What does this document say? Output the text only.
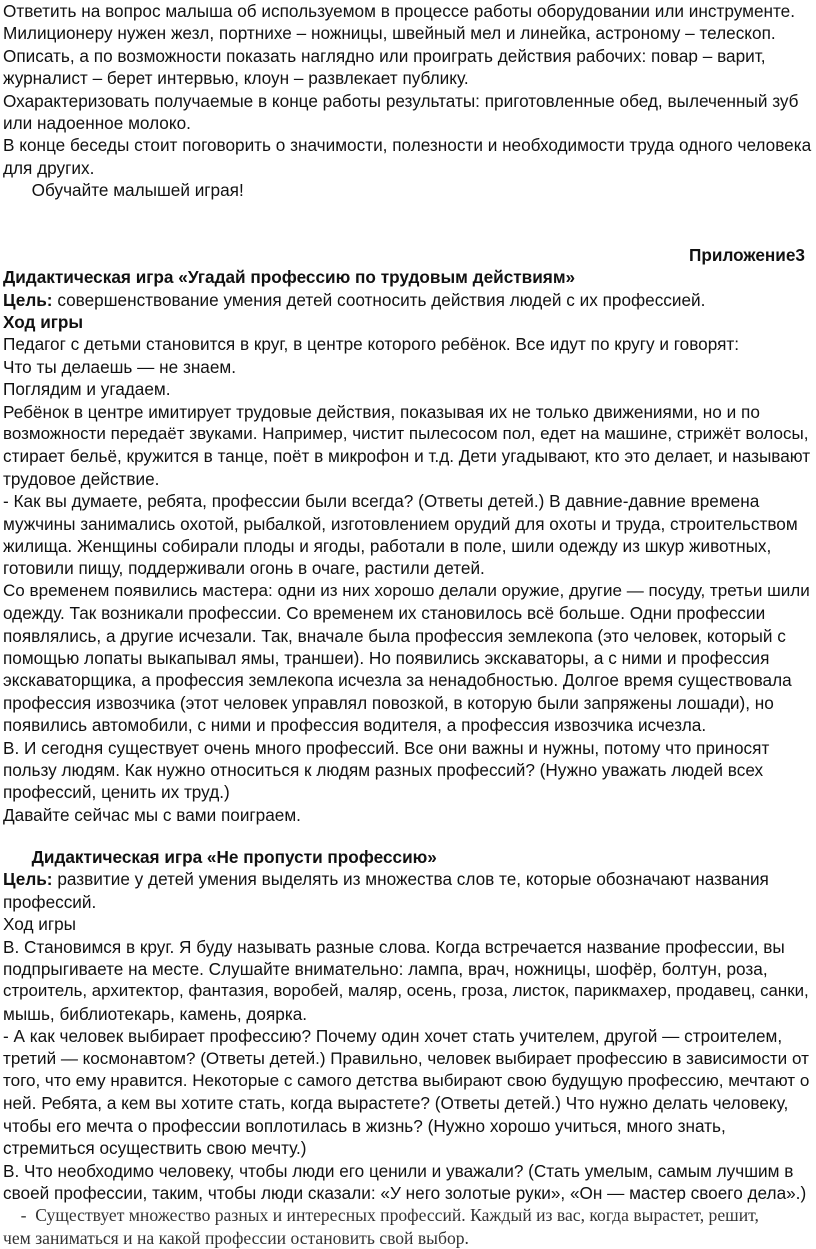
Ответить на вопрос малыша об используемом в процессе работы оборудовании или инструменте.
Милиционеру нужен жезл, портнихе – ножницы, швейный мел и линейка, астроному – телескоп.
Описать, а по возможности показать наглядно или проиграть действия рабочих: повар – варит,
журналист – берет интервью, клоун – развлекает публику.
Охарактеризовать получаемые в конце работы результаты: приготовленные обед, вылеченный зуб
или надоенное молоко.
В конце беседы стоит поговорить о значимости, полезности и необходимости труда одного человека
для других.
Обучайте малышей играя!
Приложение3
Дидактическая игра «Угадай профессию по трудовым действиям»
Цель: совершенствование умения детей соотносить действия людей с их профессией.
Ход игры
Педагог с детьми становится в круг, в центре которого ребёнок. Все идут по кругу и говорят:
Что ты делаешь — не знаем.
Поглядим и угадаем.
Ребёнок в центре имитирует трудовые действия, показывая их не только движениями, но и по
возможности передаёт звуками. Например, чистит пылесосом пол, едет на машине, стрижёт волосы,
стирает бельё, кружится в танце, поёт в микрофон и т.д. Дети угадывают, кто это делает, и называют
трудовое действие.
- Как вы думаете, ребята, профессии были всегда? (Ответы детей.) В давние-давние времена
мужчины занимались охотой, рыбалкой, изготовлением орудий для охоты и труда, строительством
жилища. Женщины собирали плоды и ягоды, работали в поле, шили одежду из шкур животных,
готовили пищу, поддерживали огонь в очаге, растили детей.
Со временем появились мастера: одни из них хорошо делали оружие, другие — посуду, третьи шили
одежду. Так возникали профессии. Со временем их становилось всё больше. Одни профессии
появлялись, а другие исчезали. Так, вначале была профессия землекопа (это человек, который с
помощью лопаты выкапывал ямы, траншеи). Но появились экскаваторы, а с ними и профессия
экскаваторщика, а профессия землекопа исчезла за ненадобностью. Долгое время существовала
профессия извозчика (этот человек управлял повозкой, в которую были запряжены лошади), но
появились автомобили, с ними и профессия водителя, а профессия извозчика исчезла.
В. И сегодня существует очень много профессий. Все они важны и нужны, потому что приносят
пользу людям. Как нужно относиться к людям разных профессий? (Нужно уважать людей всех
профессий, ценить их труд.)
Давайте сейчас мы с вами поиграем.
Дидактическая игра «Не пропусти профессию»
Цель: развитие у детей умения выделять из множества слов те, которые обозначают названия
профессий.
Ход игры
В. Становимся в круг. Я буду называть разные слова. Когда встречается название профессии, вы
подпрыгиваете на месте. Слушайте внимательно: лампа, врач, ножницы, шофёр, болтун, роза,
строитель, архитектор, фантазия, воробей, маляр, осень, гроза, листок, парикмахер, продавец, санки,
мышь, библиотекарь, камень, доярка.
- А как человек выбирает профессию? Почему один хочет стать учителем, другой — строителем,
третий — космонавтом? (Ответы детей.) Правильно, человек выбирает профессию в зависимости от
того, что ему нравится. Некоторые с самого детства выбирают свою будущую профессию, мечтают о
ней. Ребята, а кем вы хотите стать, когда вырастете? (Ответы детей.) Что нужно делать человеку,
чтобы его мечта о профессии воплотилась в жизнь? (Нужно хорошо учиться, много знать,
стремиться осуществить свою мечту.)
В. Что необходимо человеку, чтобы люди его ценили и уважали? (Стать умелым, самым лучшим в
своей профессии, таким, чтобы люди сказали: «У него золотые руки», «Он — мастер своего дела».)
-  Существует множество разных и интересных профессий. Каждый из вас, когда вырастет, решит,
чем заниматься и на какой профессии остановить свой выбор.
